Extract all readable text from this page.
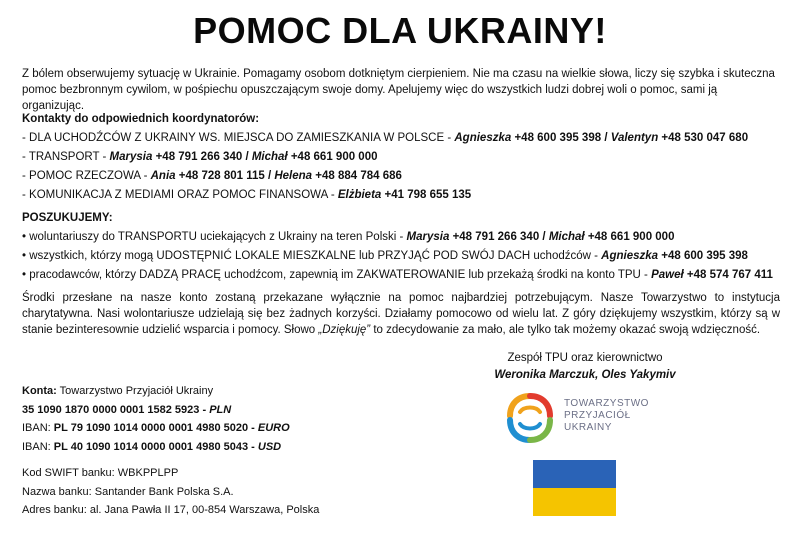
POMOC DLA UKRAINY!
Z bólem obserwujemy sytuację w Ukrainie. Pomagamy osobom dotkniętym cierpieniem. Nie ma czasu na wielkie słowa, liczy się szybka i skuteczna pomoc bezbronnym cywilom, w pośpiechu opuszczającym swoje domy. Apelujemy więc do wszystkich ludzi dobrej woli o pomoc, sami ją organizując.
Kontakty do odpowiednich koordynatorów:
- DLA UCHODŹCÓW Z UKRAINY WS. MIEJSCA DO ZAMIESZKANIA W POLSCE - Agnieszka +48 600 395 398 / Valentyn +48 530 047 680
- TRANSPORT - Marysia +48 791 266 340 / Michał +48 661 900 000
- POMOC RZECZOWA - Ania +48 728 801 115 / Helena +48 884 784 686
- KOMUNIKACJA Z MEDIAMI ORAZ POMOC FINANSOWA - Elżbieta +41 798 655 135
POSZUKUJEMY:
• woluntariuszy do TRANSPORTU uciekających z Ukrainy na teren Polski - Marysia +48 791 266 340 / Michał +48 661 900 000
• wszystkich, którzy mogą UDOSTĘPNIĆ LOKALE MIESZKALNE lub PRZYJĄĆ POD SWÓJ DACH uchodźców - Agnieszka +48 600 395 398
• pracodawców, którzy DADZĄ PRACĘ uchodźcom, zapewnią im ZAKWATEROWANIE lub przekażą środki na konto TPU - Paweł +48 574 767 411
Środki przesłane na nasze konto zostaną przekazane wyłącznie na pomoc najbardziej potrzebującym. Nasze Towarzystwo to instytucja charytatywna. Nasi wolontariusze udzielają się bez żadnych korzyści. Działamy pomocowo od wielu lat. Z góry dziękujemy wszystkim, którzy są w stanie bezinteresownie udzielić wsparcia i pomocy. Słowo „Dziękuję” to zdecydowanie za mało, ale tylko tak możemy okazać swoją wdzięczność.
Zespół TPU oraz kierownictwo
Weronika Marczuk, Oles Yakymiv
Konta: Towarzystwo Przyjaciół Ukrainy
35 1090 1870 0000 0001 1582 5923 - PLN
IBAN: PL 79 1090 1014 0000 0001 4980 5020 - EURO
IBAN: PL 40 1090 1014 0000 0001 4980 5043 - USD
Kod SWIFT banku: WBKPPLPP
Nazwa banku: Santander Bank Polska S.A.
Adres banku: al. Jana Pawła II 17, 00-854 Warszawa, Polska
TOWARZYSTWO
PRZYJACIÓŁ
UKRAINY
